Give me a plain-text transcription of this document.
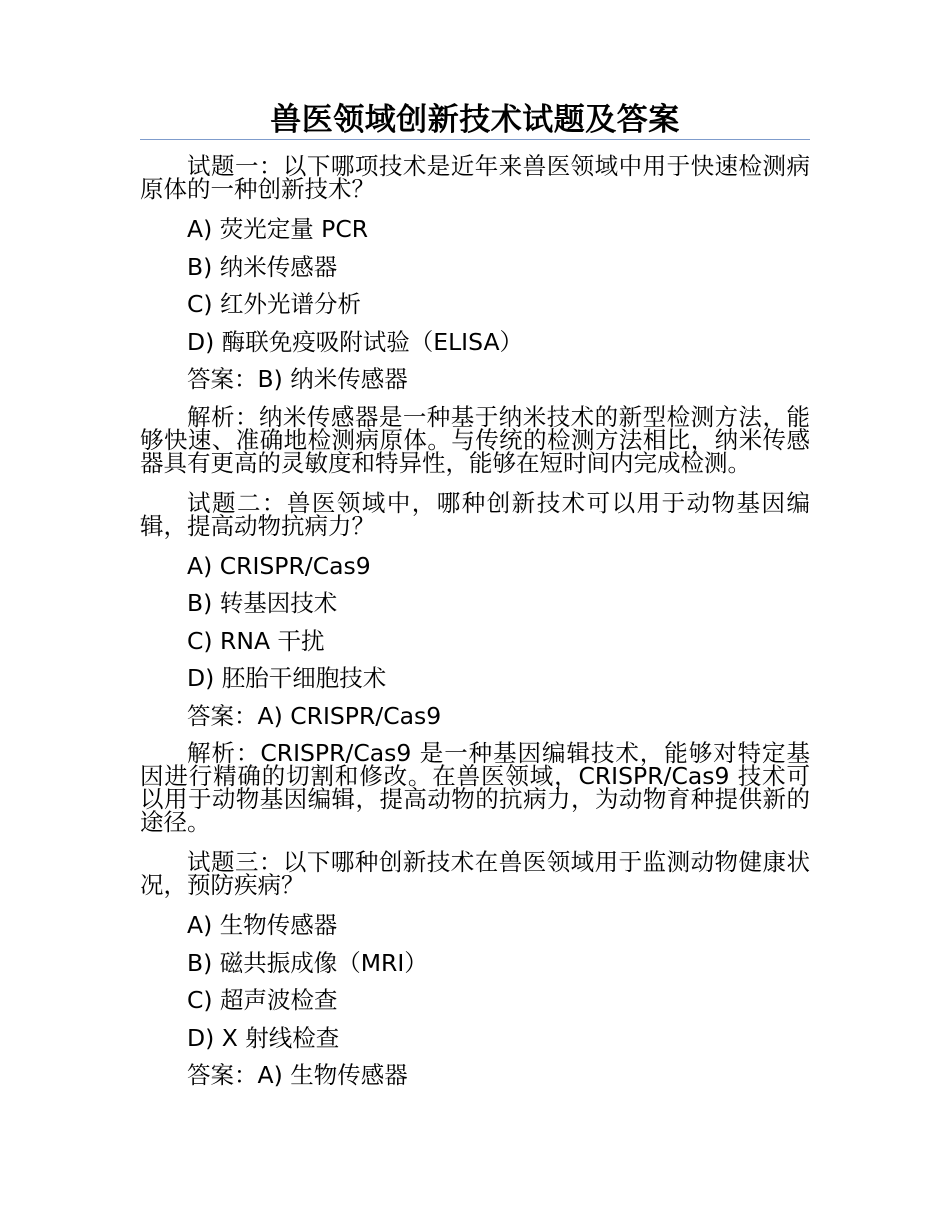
兽医领域创新技术试题及答案
试题一：以下哪项技术是近年来兽医领域中用于快速检测病原体的一种创新技术？
A) 荧光定量 PCR
B) 纳米传感器
C) 红外光谱分析
D) 酶联免疫吸附试验（ELISA）
答案：B) 纳米传感器
解析：纳米传感器是一种基于纳米技术的新型检测方法，能够快速、准确地检测病原体。与传统的检测方法相比，纳米传感器具有更高的灵敏度和特异性，能够在短时间内完成检测。
试题二：兽医领域中，哪种创新技术可以用于动物基因编辑，提高动物抗病力？
A) CRISPR/Cas9
B) 转基因技术
C) RNA 干扰
D) 胚胎干细胞技术
答案：A) CRISPR/Cas9
解析：CRISPR/Cas9 是一种基因编辑技术，能够对特定基因进行精确的切割和修改。在兽医领域，CRISPR/Cas9 技术可以用于动物基因编辑，提高动物的抗病力，为动物育种提供新的途径。
试题三：以下哪种创新技术在兽医领域用于监测动物健康状况，预防疾病？
A) 生物传感器
B) 磁共振成像（MRI）
C) 超声波检查
D) X 射线检查
答案：A) 生物传感器
